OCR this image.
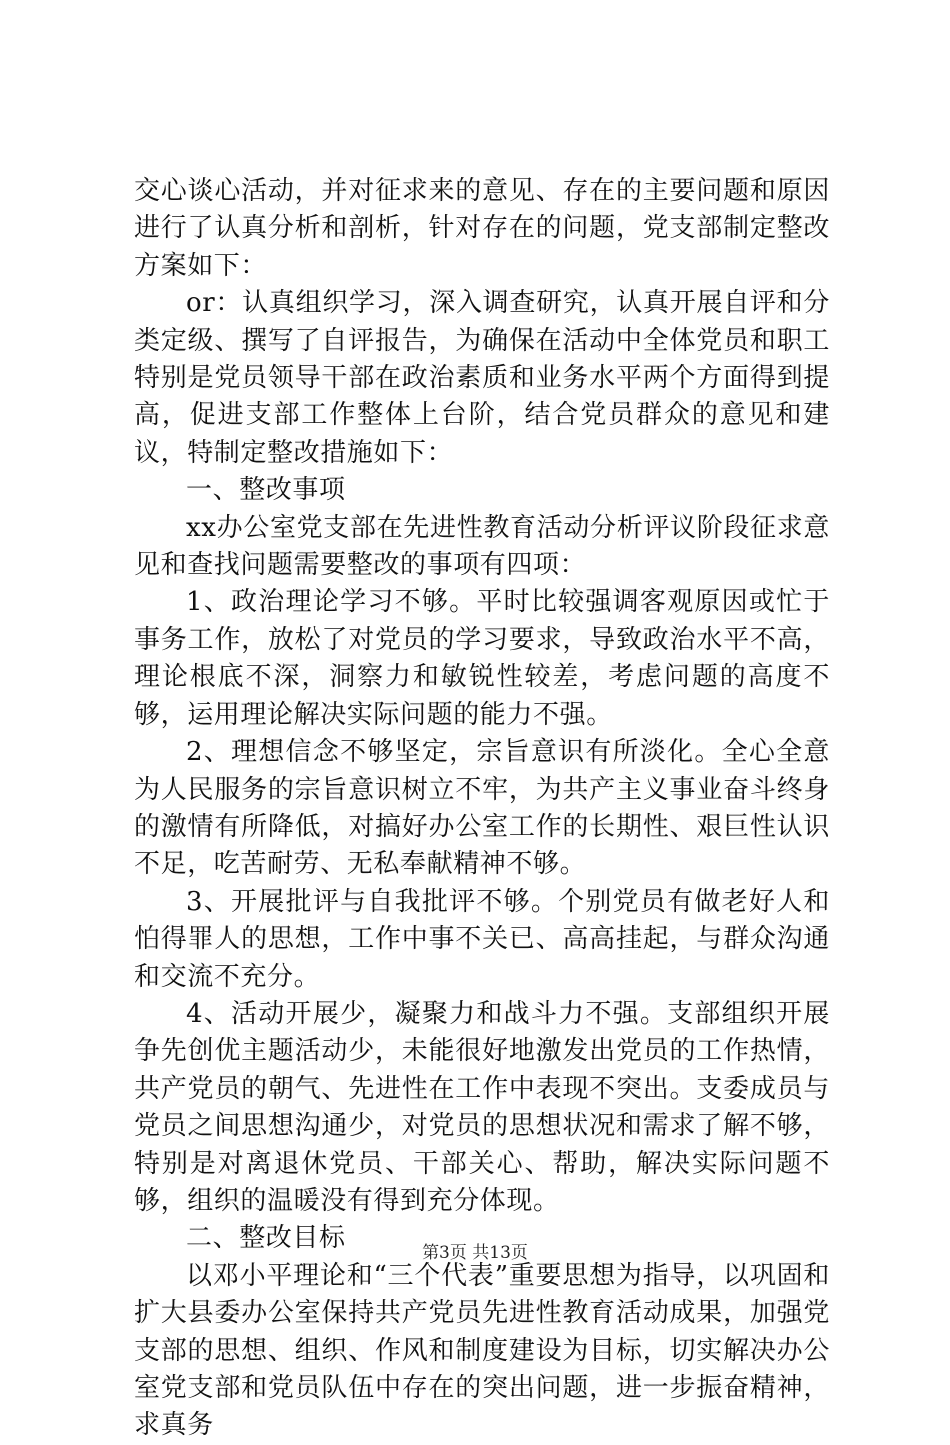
交心谈心活动，并对征求来的意见、存在的主要问题和原因进行了认真分析和剖析，针对存在的问题，党支部制定整改方案如下：

or：认真组织学习，深入调查研究，认真开展自评和分类定级、撰写了自评报告，为确保在活动中全体党员和职工特别是党员领导干部在政治素质和业务水平两个方面得到提高，促进支部工作整体上台阶，结合党员群众的意见和建议，特制定整改措施如下：

一、整改事项

xx办公室党支部在先进性教育活动分析评议阶段征求意见和查找问题需要整改的事项有四项：

1、政治理论学习不够。平时比较强调客观原因或忙于事务工作，放松了对党员的学习要求，导致政治水平不高，理论根底不深，洞察力和敏锐性较差，考虑问题的高度不够，运用理论解决实际问题的能力不强。

2、理想信念不够坚定，宗旨意识有所淡化。全心全意为人民服务的宗旨意识树立不牢，为共产主义事业奋斗终身的激情有所降低，对搞好办公室工作的长期性、艰巨性认识不足，吃苦耐劳、无私奉献精神不够。

3、开展批评与自我批评不够。个别党员有做老好人和怕得罪人的思想，工作中事不关已、高高挂起，与群众沟通和交流不充分。

4、活动开展少，凝聚力和战斗力不强。支部组织开展争先创优主题活动少，未能很好地激发出党员的工作热情，共产党员的朝气、先进性在工作中表现不突出。支委成员与党员之间思想沟通少，对党员的思想状况和需求了解不够，特别是对离退休党员、干部关心、帮助，解决实际问题不够，组织的温暖没有得到充分体现。

二、整改目标

以邓小平理论和“三个代表”重要思想为指导，以巩固和扩大县委办公室保持共产党员先进性教育活动成果，加强党支部的思想、组织、作风和制度建设为目标，切实解决办公室党支部和党员队伍中存在的突出问题，进一步振奋精神，求真务

第3页 共13页
